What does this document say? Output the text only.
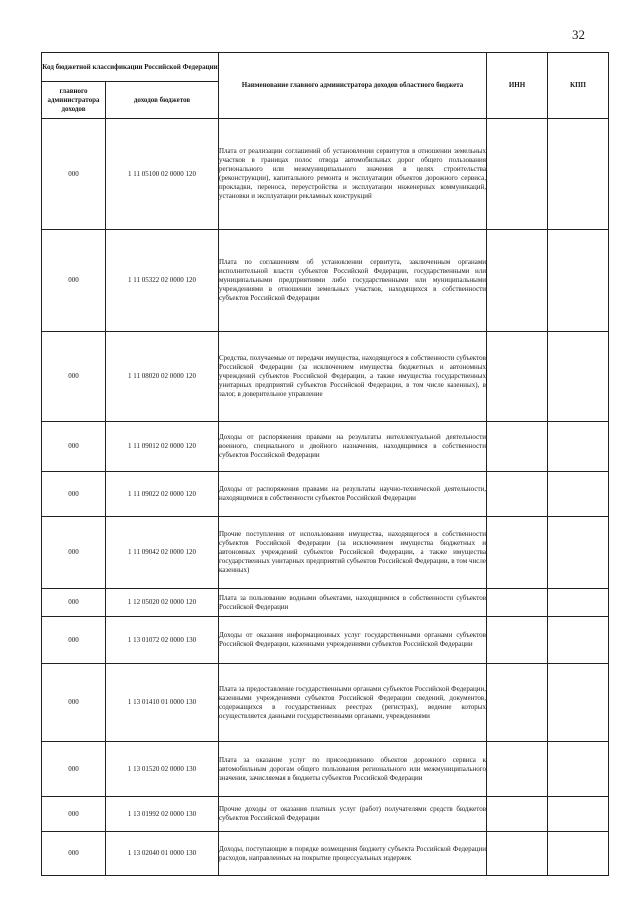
32
Код бюджетной классификации Российской Федерации		Наименование главного администратора доходов областного бюджета	ИНН	КПП
главного администратора доходов	доходов бюджетов			
000	1 11 05100 02 0000 120	Плата от реализации соглашений об установлении сервитутов в отношении земельных участков в границах полос отвода автомобильных дорог общего пользования регионального или межмуниципального значения в целях строительства (реконструкции), капитального ремонта и эксплуатации объектов дорожного сервиса, прокладки, переноса, переустройства и эксплуатации инженерных коммуникаций, установки и эксплуатации рекламных конструкций		
000	1 11 05322 02 0000 120	Плата по соглашениям об установлении сервитута, заключенным органами исполнительной власти субъектов Российской Федерации, государственными или муниципальными предприятиями либо государственными или муниципальными учреждениями в отношении земельных участков, находящихся в собственности субъектов Российской Федерации		
000	1 11 08020 02 0000 120	Средства, получаемые от передачи имущества, находящегося в собственности субъектов Российской Федерации (за исключением имущества бюджетных и автономных учреждений субъектов Российской Федерации, а также имущества государственных унитарных предприятий субъектов Российской Федерации, в том числе казенных), в залог, в доверительное управление		
000	1 11 09012 02 0000 120	Доходы от распоряжения правами на результаты интеллектуальной деятельности военного, специального и двойного назначения, находящимися в собственности субъектов Российской Федерации		
000	1 11 09022 02 0000 120	Доходы от распоряжения правами на результаты научно-технической деятельности, находящимися в собственности субъектов Российской Федерации		
000	1 11 09042 02 0000 120	Прочие поступления от использования имущества, находящегося в собственности субъектов Российской Федерации (за исключением имущества бюджетных и автономных учреждений субъектов Российской Федерации, а также имущества государственных унитарных предприятий субъектов Российской Федерации, в том числе казенных)		
000	1 12 05020 02 0000 120	Плата за пользование водными объектами, находящимися в собственности субъектов Российской Федерации		
000	1 13 01072 02 0000 130	Доходы от оказания информационных услуг государственными органами субъектов Российской Федерации, казенными учреждениями субъектов Российской Федерации		
000	1 13 01410 01 0000 130	Плата за предоставление государственными органами субъектов Российской Федерации, казенными учреждениями субъектов Российской Федерации сведений, документов, содержащихся в государственных реестрах (регистрах), ведение которых осуществляется данными государственными органами, учреждениями		
000	1 13 01520 02 0000 130	Плата за оказание услуг по присоединению объектов дорожного сервиса к автомобильным дорогам общего пользования регионального или межмуниципального значения, зачисляемая в бюджеты субъектов Российской Федерации		
000	1 13 01992 02 0000 130	Прочие доходы от оказания платных услуг (работ) получателями средств бюджетов субъектов Российской Федерации		
000	1 13 02040 01 0000 130	Доходы, поступающие в порядке возмещения бюджету субъекта Российской Федерации расходов, направленных на покрытие процессуальных издержек		
